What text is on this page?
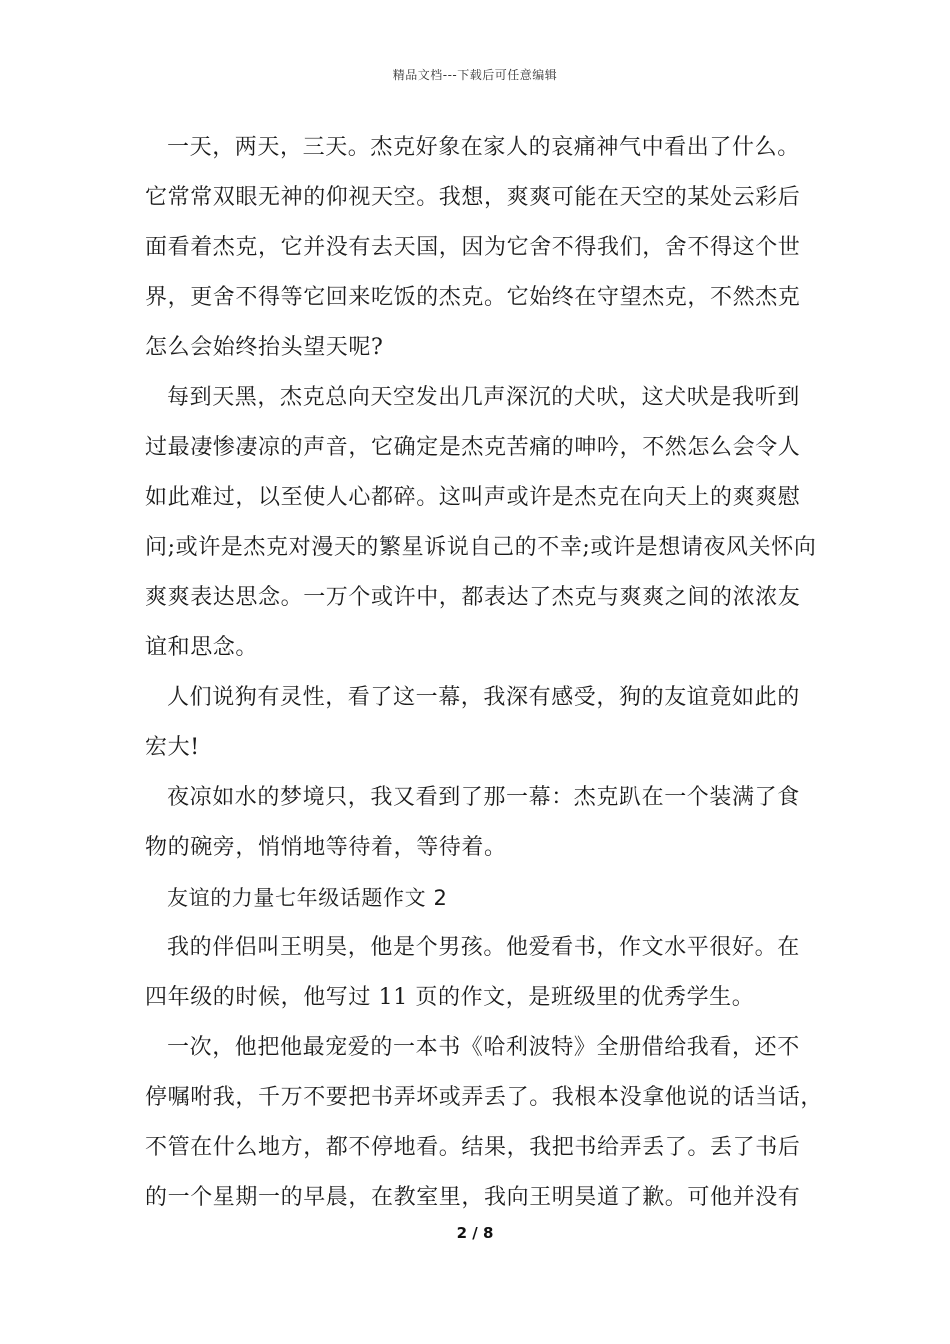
精品文档---下载后可任意编辑
一天，两天，三天。杰克好象在家人的哀痛神气中看出了什么。
它常常双眼无神的仰视天空。我想，爽爽可能在天空的某处云彩后
面看着杰克，它并没有去天国，因为它舍不得我们，舍不得这个世
界，更舍不得等它回来吃饭的杰克。它始终在守望杰克，不然杰克
怎么会始终抬头望天呢?
每到天黑，杰克总向天空发出几声深沉的犬吠，这犬吠是我听到
过最凄惨凄凉的声音，它确定是杰克苦痛的呻吟，不然怎么会令人
如此难过，以至使人心都碎。这叫声或许是杰克在向天上的爽爽慰
问;或许是杰克对漫天的繁星诉说自己的不幸;或许是想请夜风关怀向
爽爽表达思念。一万个或许中，都表达了杰克与爽爽之间的浓浓友
谊和思念。
人们说狗有灵性，看了这一幕，我深有感受，狗的友谊竟如此的
宏大!
夜凉如水的梦境只，我又看到了那一幕：杰克趴在一个装满了食
物的碗旁，悄悄地等待着，等待着。
友谊的力量七年级话题作文 2
我的伴侣叫王明昊，他是个男孩。他爱看书，作文水平很好。在
四年级的时候，他写过 11 页的作文，是班级里的优秀学生。
一次，他把他最宠爱的一本书《哈利波特》全册借给我看，还不
停嘱咐我，千万不要把书弄坏或弄丢了。我根本没拿他说的话当话，
不管在什么地方，都不停地看。结果，我把书给弄丢了。丢了书后
的一个星期一的早晨，在教室里，我向王明昊道了歉。可他并没有
2 / 8
